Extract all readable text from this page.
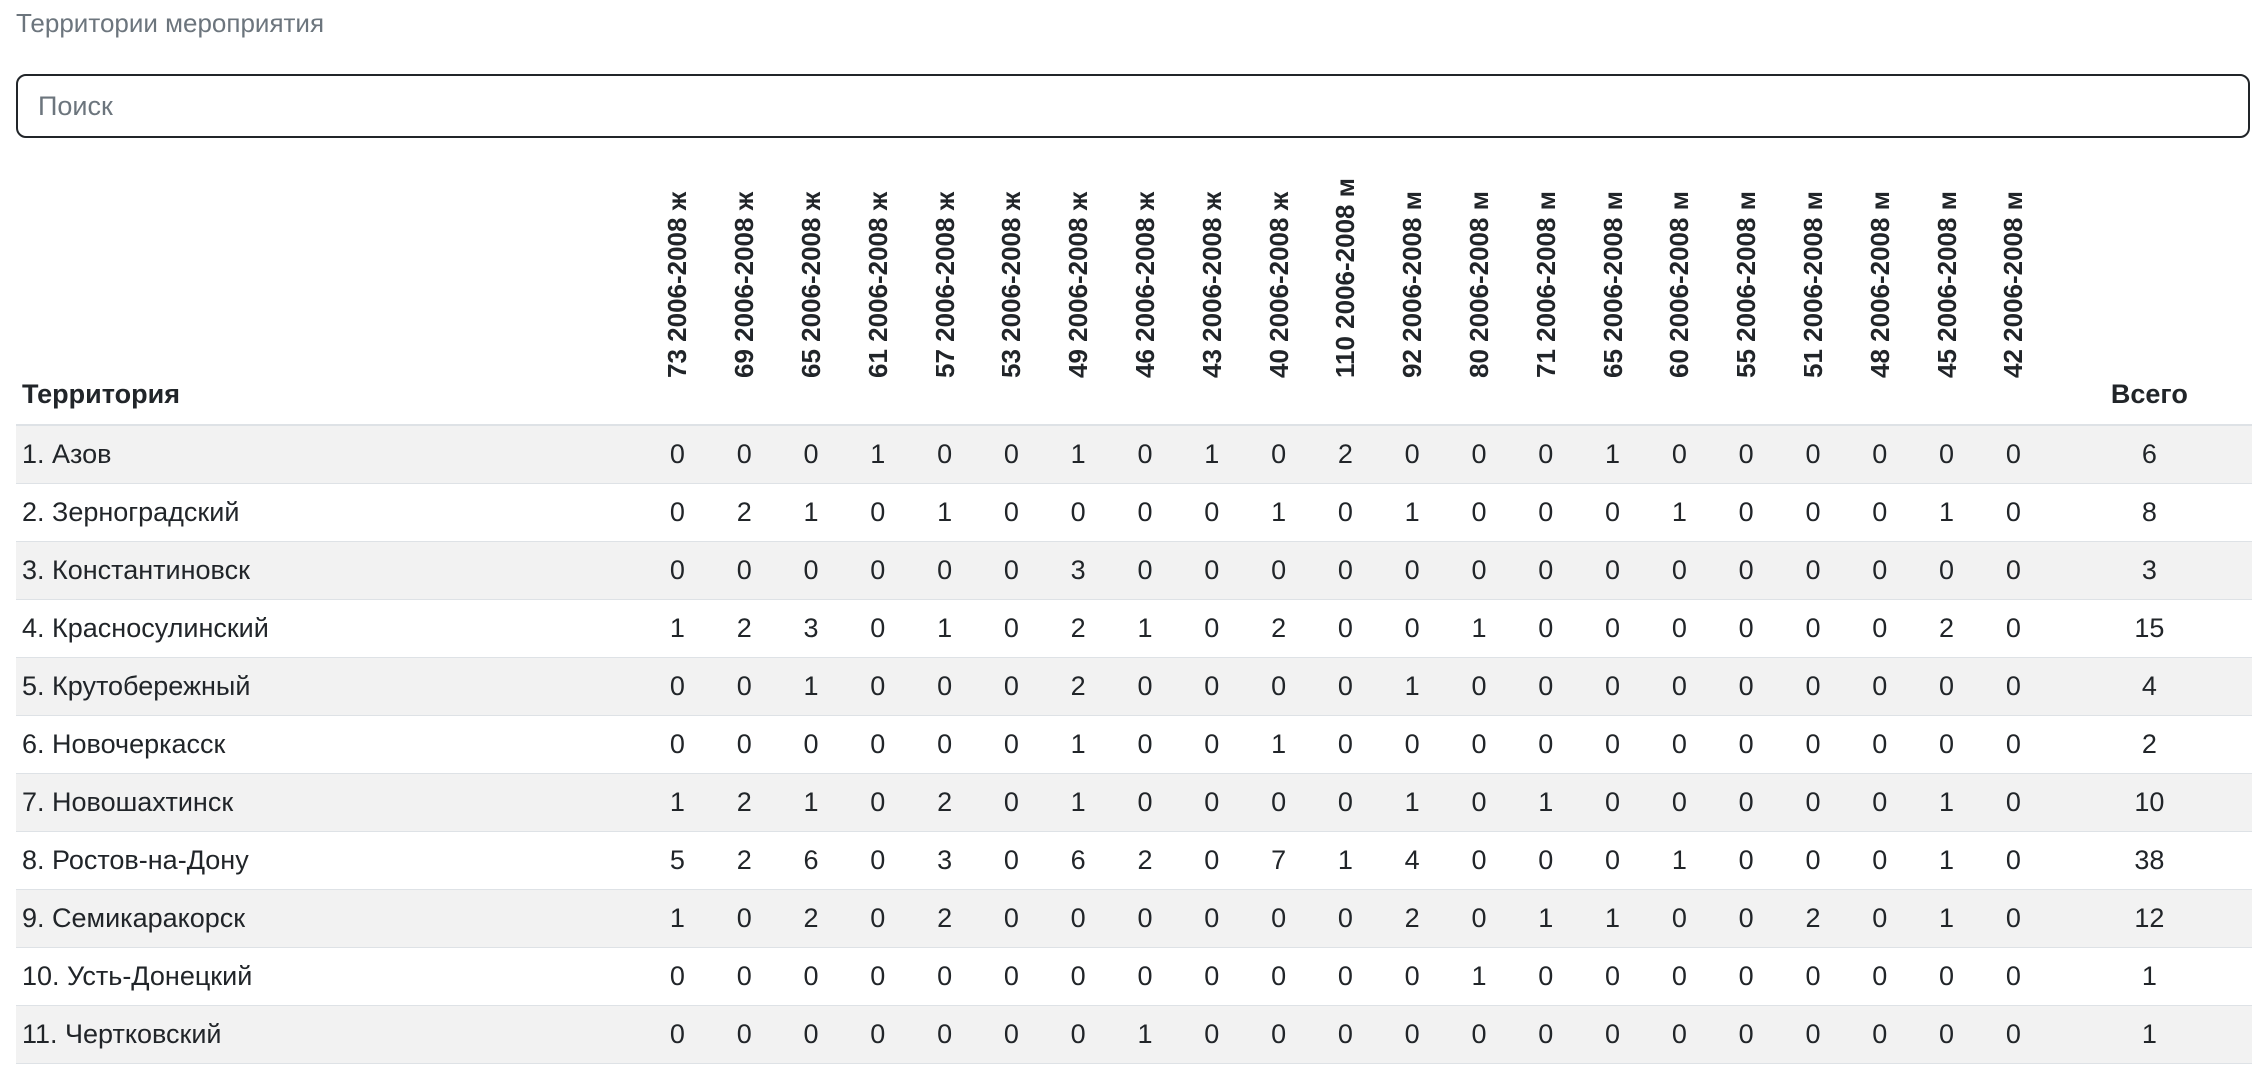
Территории мероприятия
Поиск
Территория	73 2006-2008 ж	69 2006-2008 ж	65 2006-2008 ж	61 2006-2008 ж	57 2006-2008 ж	53 2006-2008 ж	49 2006-2008 ж	46 2006-2008 ж	43 2006-2008 ж	40 2006-2008 ж	110 2006-2008 м	92 2006-2008 м	80 2006-2008 м	71 2006-2008 м	65 2006-2008 м	60 2006-2008 м	55 2006-2008 м	51 2006-2008 м	48 2006-2008 м	45 2006-2008 м	42 2006-2008 м	Всего
1. Азов	0	0	0	1	0	0	1	0	1	0	2	0	0	0	1	0	0	0	0	0	0	6
2. Зерноградский	0	2	1	0	1	0	0	0	0	1	0	1	0	0	0	1	0	0	0	1	0	8
3. Константиновск	0	0	0	0	0	0	3	0	0	0	0	0	0	0	0	0	0	0	0	0	0	3
4. Красносулинский	1	2	3	0	1	0	2	1	0	2	0	0	1	0	0	0	0	0	0	2	0	15
5. Крутобережный	0	0	1	0	0	0	2	0	0	0	0	1	0	0	0	0	0	0	0	0	0	4
6. Новочеркасск	0	0	0	0	0	0	1	0	0	1	0	0	0	0	0	0	0	0	0	0	0	2
7. Новошахтинск	1	2	1	0	2	0	1	0	0	0	0	1	0	1	0	0	0	0	0	1	0	10
8. Ростов-на-Дону	5	2	6	0	3	0	6	2	0	7	1	4	0	0	0	1	0	0	0	1	0	38
9. Семикаракорск	1	0	2	0	2	0	0	0	0	0	0	2	0	1	1	0	0	2	0	1	0	12
10. Усть-Донецкий	0	0	0	0	0	0	0	0	0	0	0	0	1	0	0	0	0	0	0	0	0	1
11. Чертковский	0	0	0	0	0	0	0	1	0	0	0	0	0	0	0	0	0	0	0	0	0	1
